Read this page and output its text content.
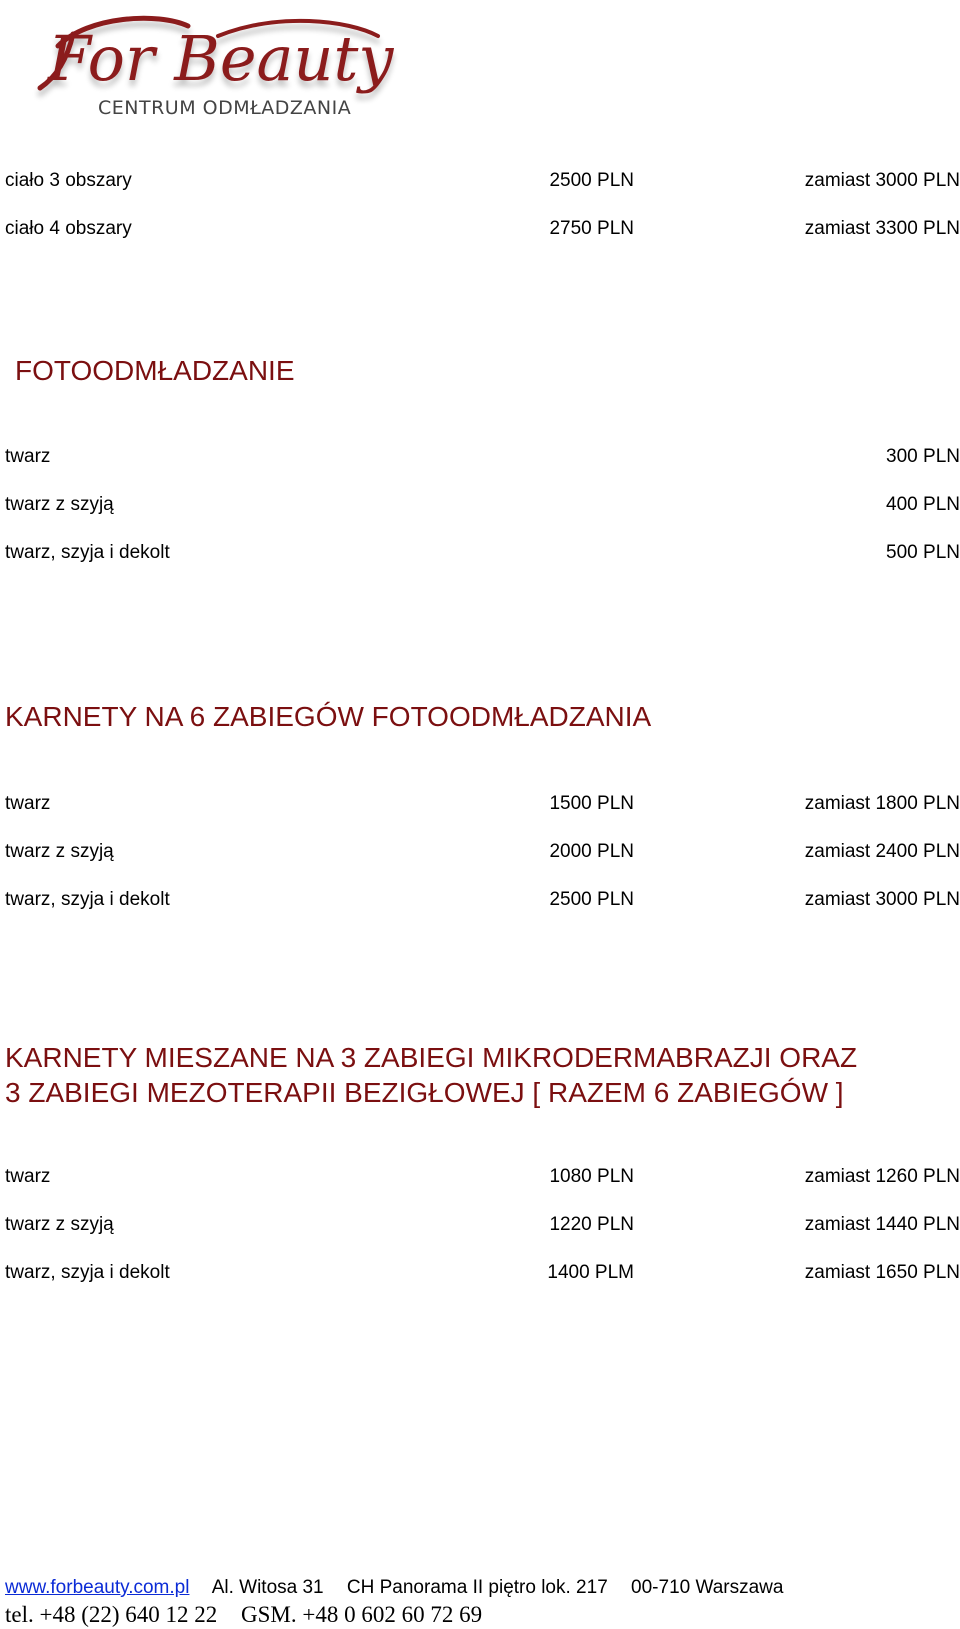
For Beauty
CENTRUM ODMŁADZANIA
ciało 3 obszary	2500 PLN	zamiast 3000 PLN
ciało 4 obszary	2750 PLN	zamiast 3300 PLN
FOTOODMŁADZANIE
twarz	300 PLN
twarz z szyją	400 PLN
twarz, szyja i dekolt	500 PLN
KARNETY NA 6 ZABIEGÓW FOTOODMŁADZANIA
twarz	1500 PLN	zamiast 1800 PLN
twarz z szyją	2000 PLN	zamiast 2400 PLN
twarz, szyja i dekolt	2500 PLN	zamiast 3000 PLN
KARNETY MIESZANE NA 3 ZABIEGI MIKRODERMABRAZJI ORAZ
3 ZABIEGI MEZOTERAPII BEZIGŁOWEJ [ RAZEM 6 ZABIEGÓW ]
twarz	1080 PLN	zamiast 1260 PLN
twarz z szyją	1220 PLN	zamiast 1440 PLN
twarz, szyja i dekolt	1400 PLM	zamiast 1650 PLN
www.forbeauty.com.pl Al. Witosa 31 CH Panorama II piętro lok. 217 00-710 Warszawa
tel. +48 (22) 640 12 22 GSM. +48 0 602 60 72 69
